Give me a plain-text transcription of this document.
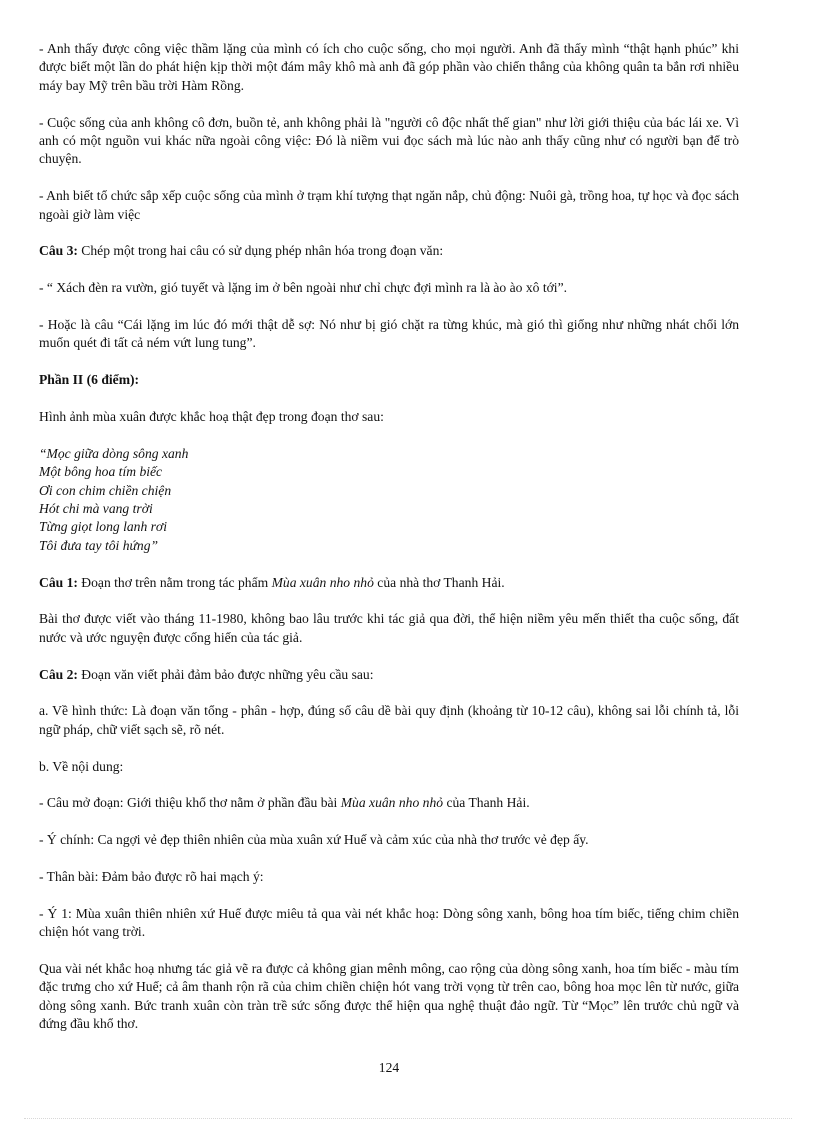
- Anh thấy được công việc thầm lặng của mình có ích cho cuộc sống, cho mọi người. Anh đã thấy mình “thật hạnh phúc” khi được biết một lần do phát hiện kịp thời một đám mây khô mà anh đã góp phần vào chiến thắng của không quân ta bắn rơi nhiều máy bay Mỹ trên bầu trời Hàm Rồng.

- Cuộc sống của anh không cô đơn, buồn tẻ, anh không phải là "người cô độc nhất thế gian" như lời giới thiệu của bác lái xe. Vì anh có một nguồn vui khác nữa ngoài công việc: Đó là niềm vui đọc sách mà lúc nào anh thấy cũng như có người bạn để trò chuyện.

- Anh biết tổ chức sắp xếp cuộc sống của mình ở trạm khí tượng thạt ngăn nắp, chủ động: Nuôi gà, trồng hoa, tự học và đọc sách ngoài giờ làm việc

Câu 3: Chép một trong hai câu có sử dụng phép nhân hóa trong đoạn văn:

- “ Xách đèn ra vườn, gió tuyết và lặng im ở bên ngoài như chỉ chực đợi mình ra là ào ào xô tới”.

- Hoặc là câu “Cái lặng im lúc đó mới thật dễ sợ: Nó như bị gió chặt ra từng khúc, mà gió thì giống như những nhát chổi lớn muốn quét đi tất cả ném vứt lung tung”.

Phần II (6 điểm):

Hình ảnh mùa xuân được khắc hoạ thật đẹp trong đoạn thơ sau:

“Mọc giữa dòng sông xanh
Một bông hoa tím biếc
Ơi con chim chiền chiện
Hót chi mà vang trời
Từng giọt long lanh rơi
Tôi đưa tay tôi hứng”

Câu 1: Đoạn thơ trên nằm trong tác phẩm Mùa xuân nho nhỏ của nhà thơ Thanh Hải.

Bài thơ được viết vào tháng 11-1980, không bao lâu trước khi tác giả qua đời, thể hiện niềm yêu mến thiết tha cuộc sống, đất nước và ước nguyện được cống hiến của tác giả.

Câu 2: Đoạn văn viết phải đảm bảo được những yêu cầu sau:

a. Về hình thức: Là đoạn văn tổng - phân - hợp, đúng số câu dề bài quy định (khoảng từ 10-12 câu), không sai lỗi chính tả, lỗi ngữ pháp, chữ viết sạch sẽ, rõ nét.

b. Về nội dung:

- Câu mở đoạn: Giới thiệu khổ thơ nằm ở phần đầu bài Mùa xuân nho nhỏ của Thanh Hải.

- Ý chính: Ca ngợi vẻ đẹp thiên nhiên của mùa xuân xứ Huế và cảm xúc của nhà thơ trước vẻ đẹp ấy.

- Thân bài: Đảm bảo được rõ hai mạch ý:

- Ý 1: Mùa xuân thiên nhiên xứ Huế được miêu tả qua vài nét khắc hoạ: Dòng sông xanh, bông hoa tím biếc, tiếng chim chiền chiện hót vang trời.

Qua vài nét khắc hoạ nhưng tác giả vẽ ra được cả không gian mênh mông, cao rộng của dòng sông xanh, hoa tím biếc - màu tím đặc trưng cho xứ Huế; cả âm thanh rộn rã của chim chiền chiện hót vang trời vọng từ trên cao, bông hoa mọc lên từ nước, giữa dòng sông xanh. Bức tranh xuân còn tràn trề sức sống được thể hiện qua nghệ thuật đảo ngữ. Từ “Mọc” lên trước chủ ngữ và đứng đầu khổ thơ.

124
